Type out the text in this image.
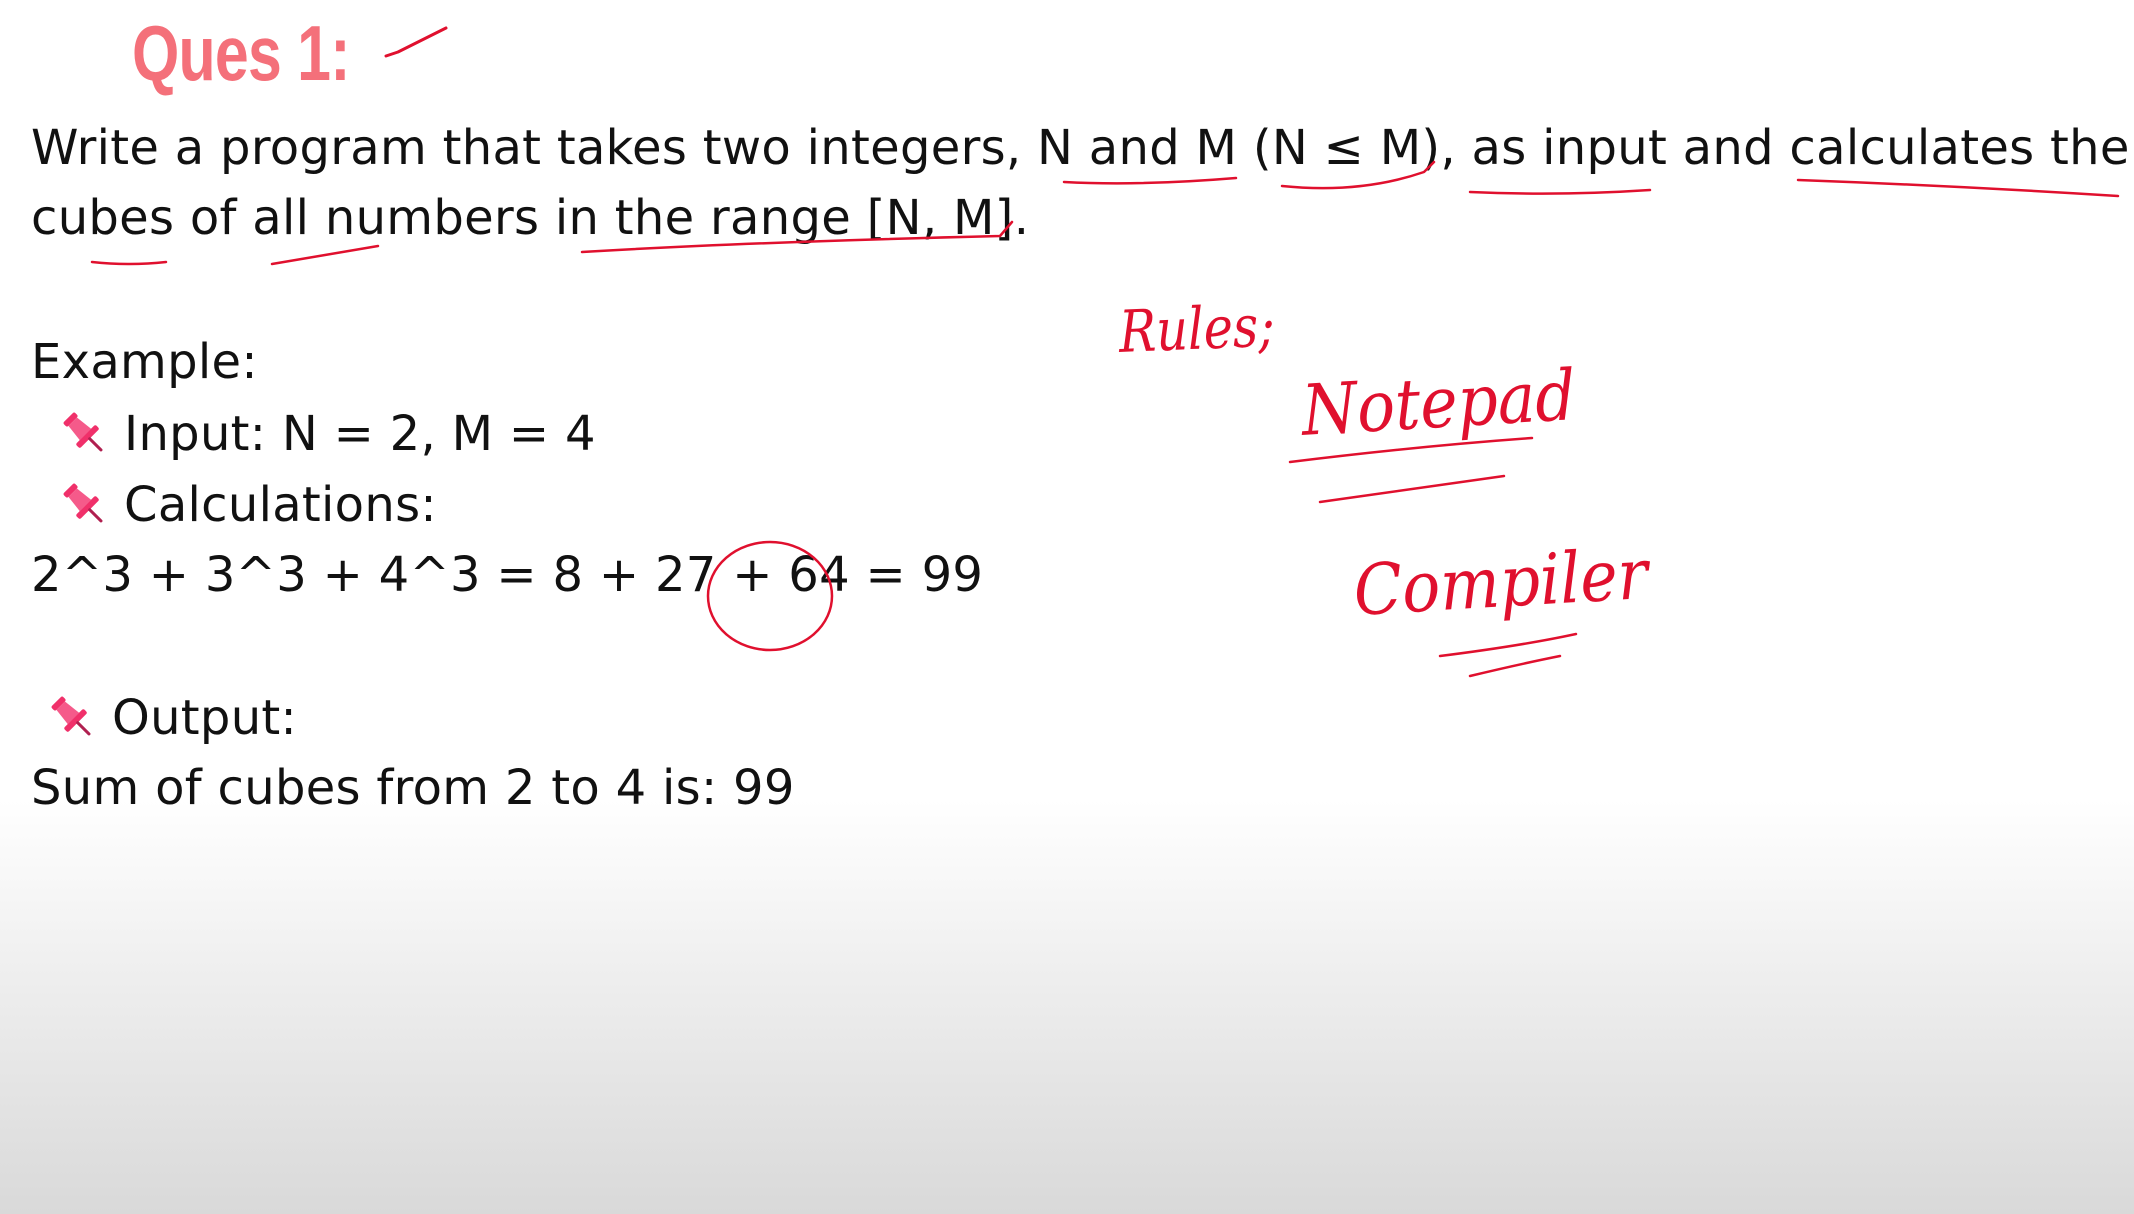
Ques 1:
Write a program that takes two integers, N and M (N ≤ M), as input and calculates the
cubes of all numbers in the range [N, M].
Example:
Input: N = 2, M = 4
Calculations:
2^3 + 3^3 + 4^3 = 8 + 27 + 64 = 99
Output:
Sum of cubes from 2 to 4 is: 99
Rules;
Notepad
Compiler
